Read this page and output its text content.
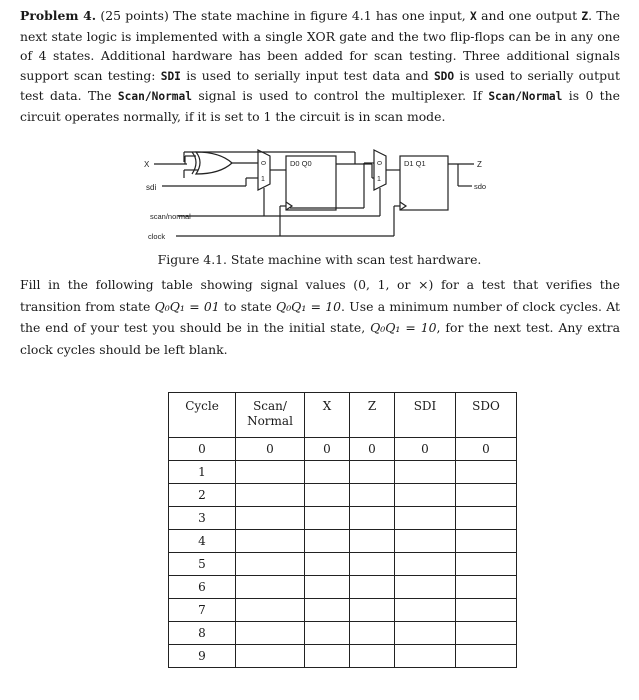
Problem 4. (25 points) The state machine in figure 4.1 has one input, X and one output Z. The next state logic is implemented with a single XOR gate and the two flip-flops can be in any one of 4 states. Additional hardware has been added for scan testing. Three additional signals support scan testing: SDI is used to serially input test data and SDO is used to serially output test data. The Scan/Normal signal is used to control the multiplexer. If Scan/Normal is 0 the circuit operates normally, if it is set to 1 the circuit is in scan mode.
X
sdi
scan/normal
clock
D0 Q0	D1 Q1	Z
sdo
0
1
0
1
Figure 4.1. State machine with scan test hardware.
Fill in the following table showing signal values (0, 1, or ×) for a test that verifies the transition from state Q₀Q₁ = 01 to state Q₀Q₁ = 10. Use a minimum number of clock cycles. At the end of your test you should be in the initial state, Q₀Q₁ = 10, for the next test. Any extra clock cycles should be left blank.
Cycle	Scan/
Normal	X	Z	SDI	SDO
0	0	0	0	0	0
1					
2					
3					
4					
5					
6					
7					
8					
9					
